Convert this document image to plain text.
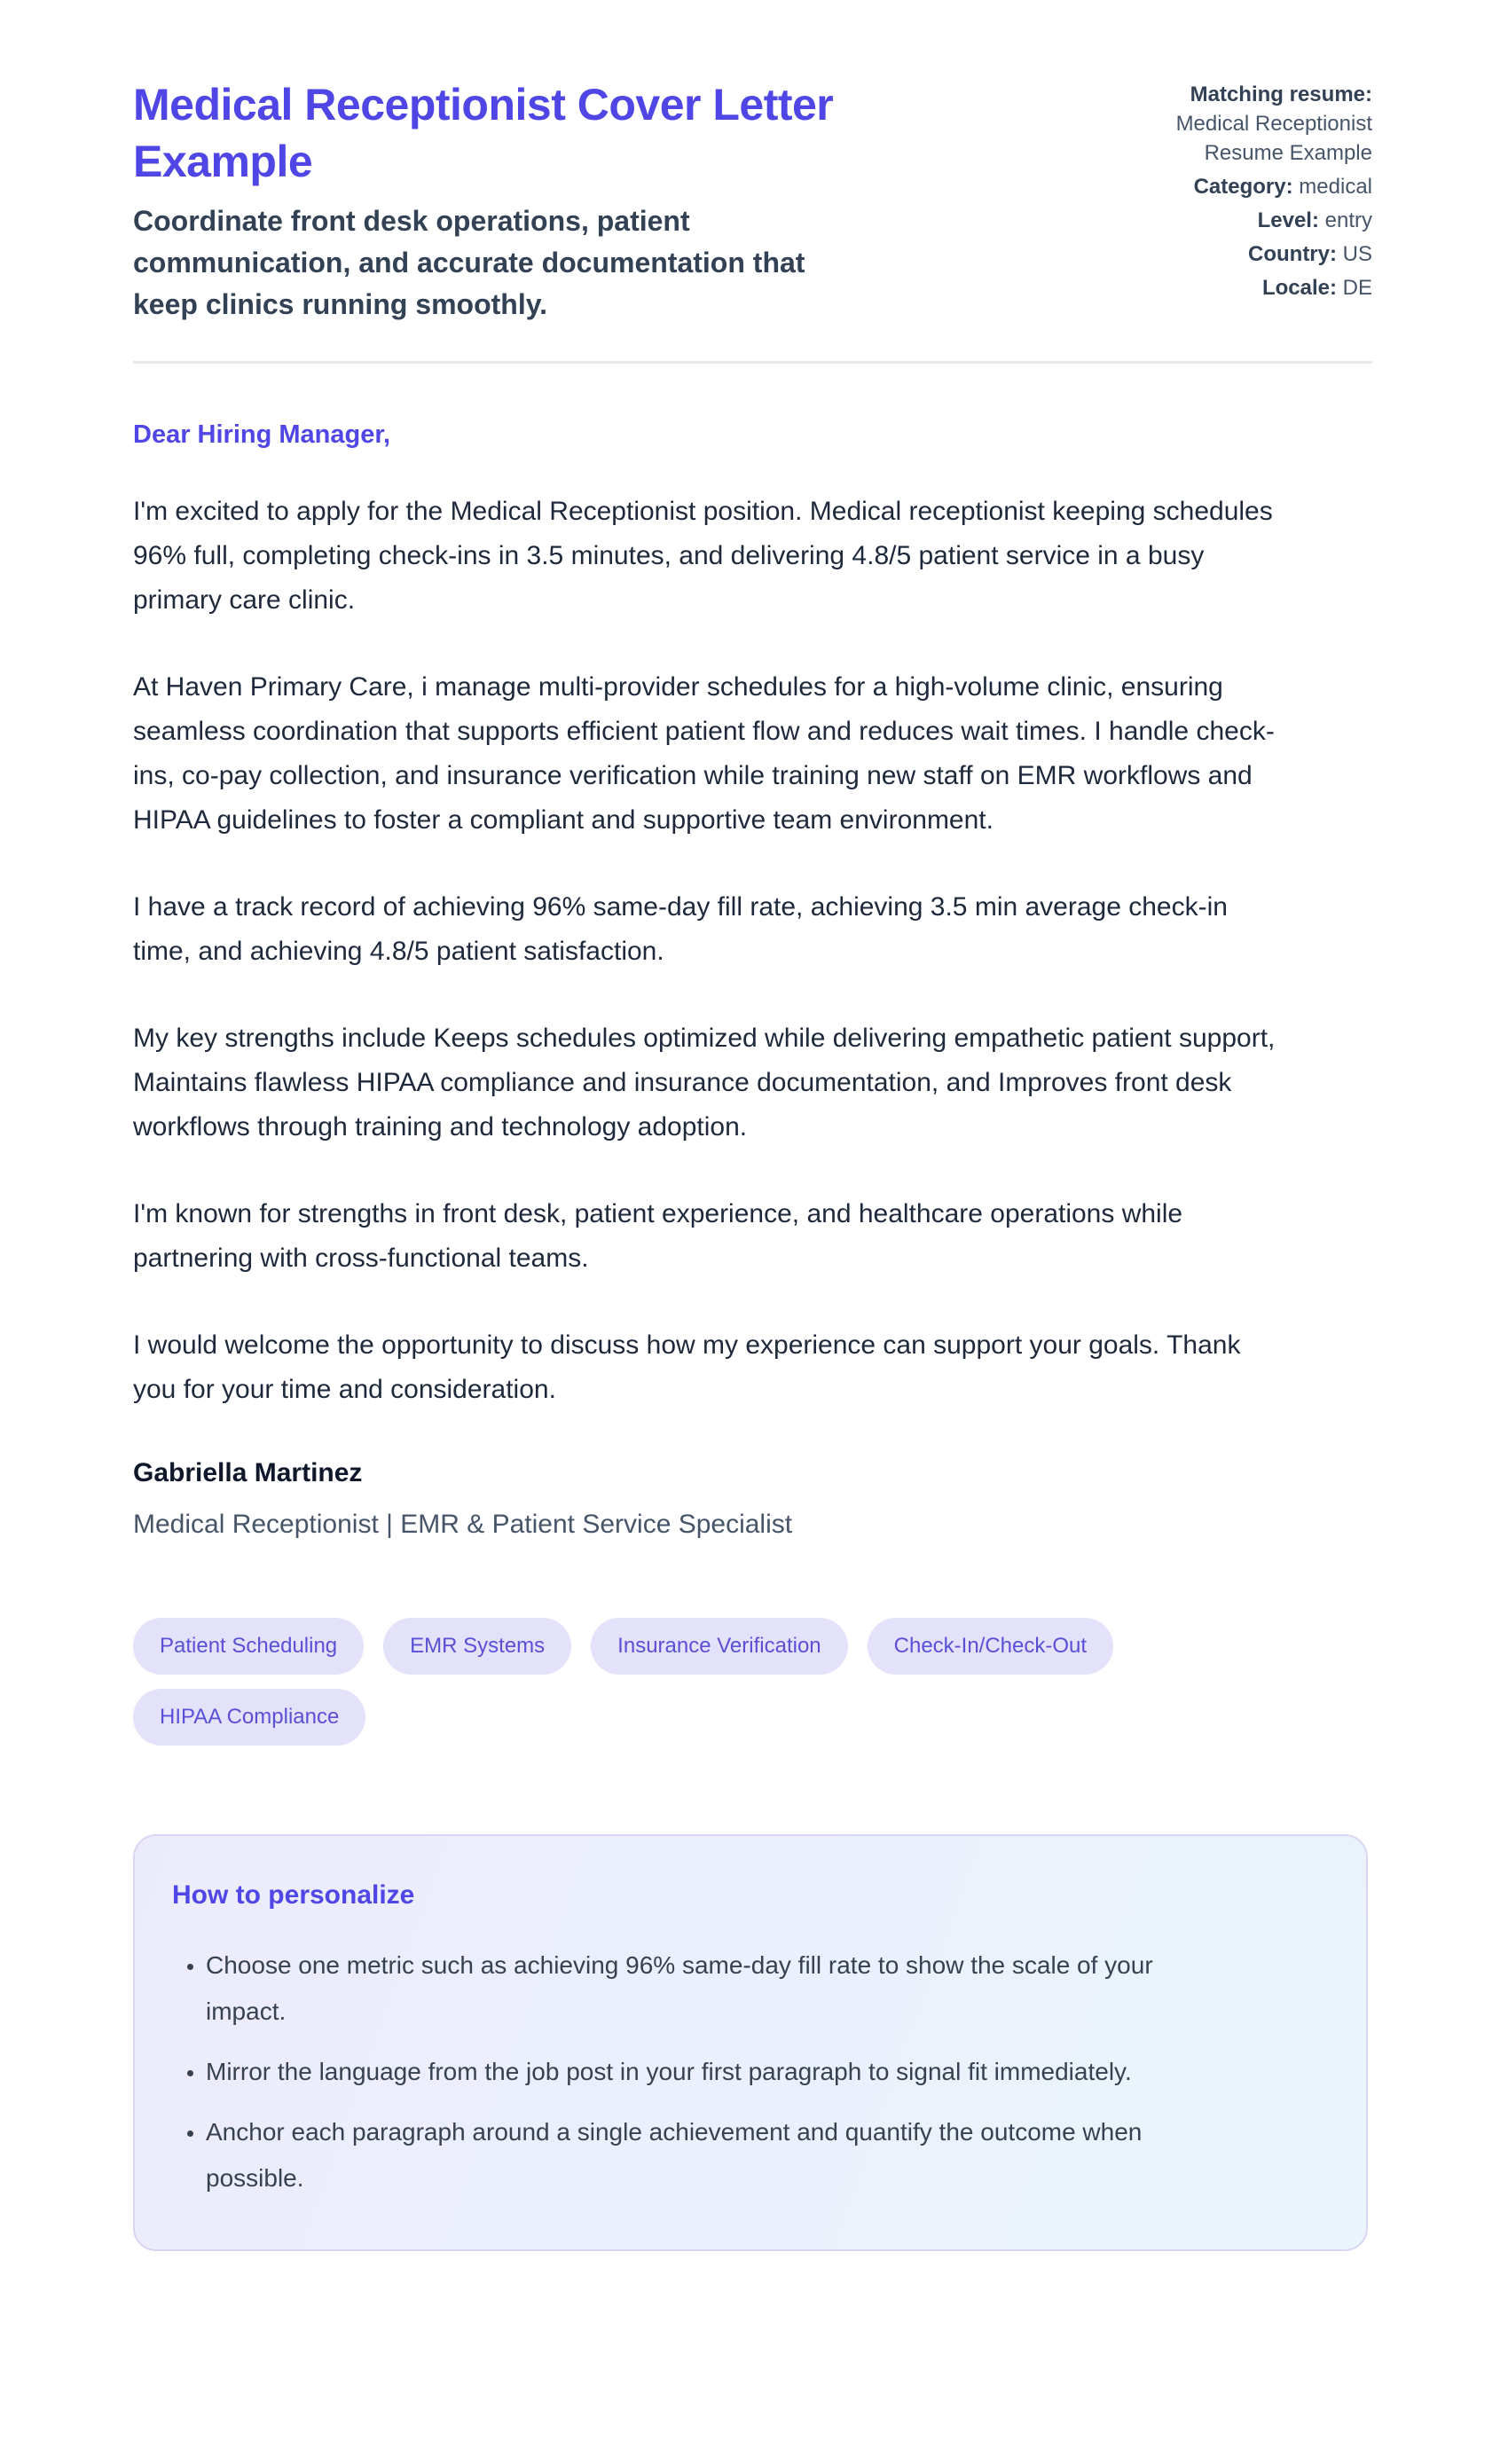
Medical Receptionist Cover Letter Example

Coordinate front desk operations, patient communication, and accurate documentation that keep clinics running smoothly.

Matching resume:
Medical Receptionist Resume Example
Category: medical
Level: entry
Country: US
Locale: DE

Dear Hiring Manager,

I'm excited to apply for the Medical Receptionist position. Medical receptionist keeping schedules 96% full, completing check-ins in 3.5 minutes, and delivering 4.8/5 patient service in a busy primary care clinic.

At Haven Primary Care, i manage multi-provider schedules for a high-volume clinic, ensuring seamless coordination that supports efficient patient flow and reduces wait times. I handle check-ins, co-pay collection, and insurance verification while training new staff on EMR workflows and HIPAA guidelines to foster a compliant and supportive team environment.

I have a track record of achieving 96% same-day fill rate, achieving 3.5 min average check-in time, and achieving 4.8/5 patient satisfaction.

My key strengths include Keeps schedules optimized while delivering empathetic patient support, Maintains flawless HIPAA compliance and insurance documentation, and Improves front desk workflows through training and technology adoption.

I'm known for strengths in front desk, patient experience, and healthcare operations while partnering with cross-functional teams.

I would welcome the opportunity to discuss how my experience can support your goals. Thank you for your time and consideration.

Gabriella Martinez

Medical Receptionist | EMR & Patient Service Specialist

Patient Scheduling	EMR Systems	Insurance Verification	Check-In/Check-Out
HIPAA Compliance
How to personalize
• Choose one metric such as achieving 96% same-day fill rate to show the scale of your impact.
• Mirror the language from the job post in your first paragraph to signal fit immediately.
• Anchor each paragraph around a single achievement and quantify the outcome when possible.
